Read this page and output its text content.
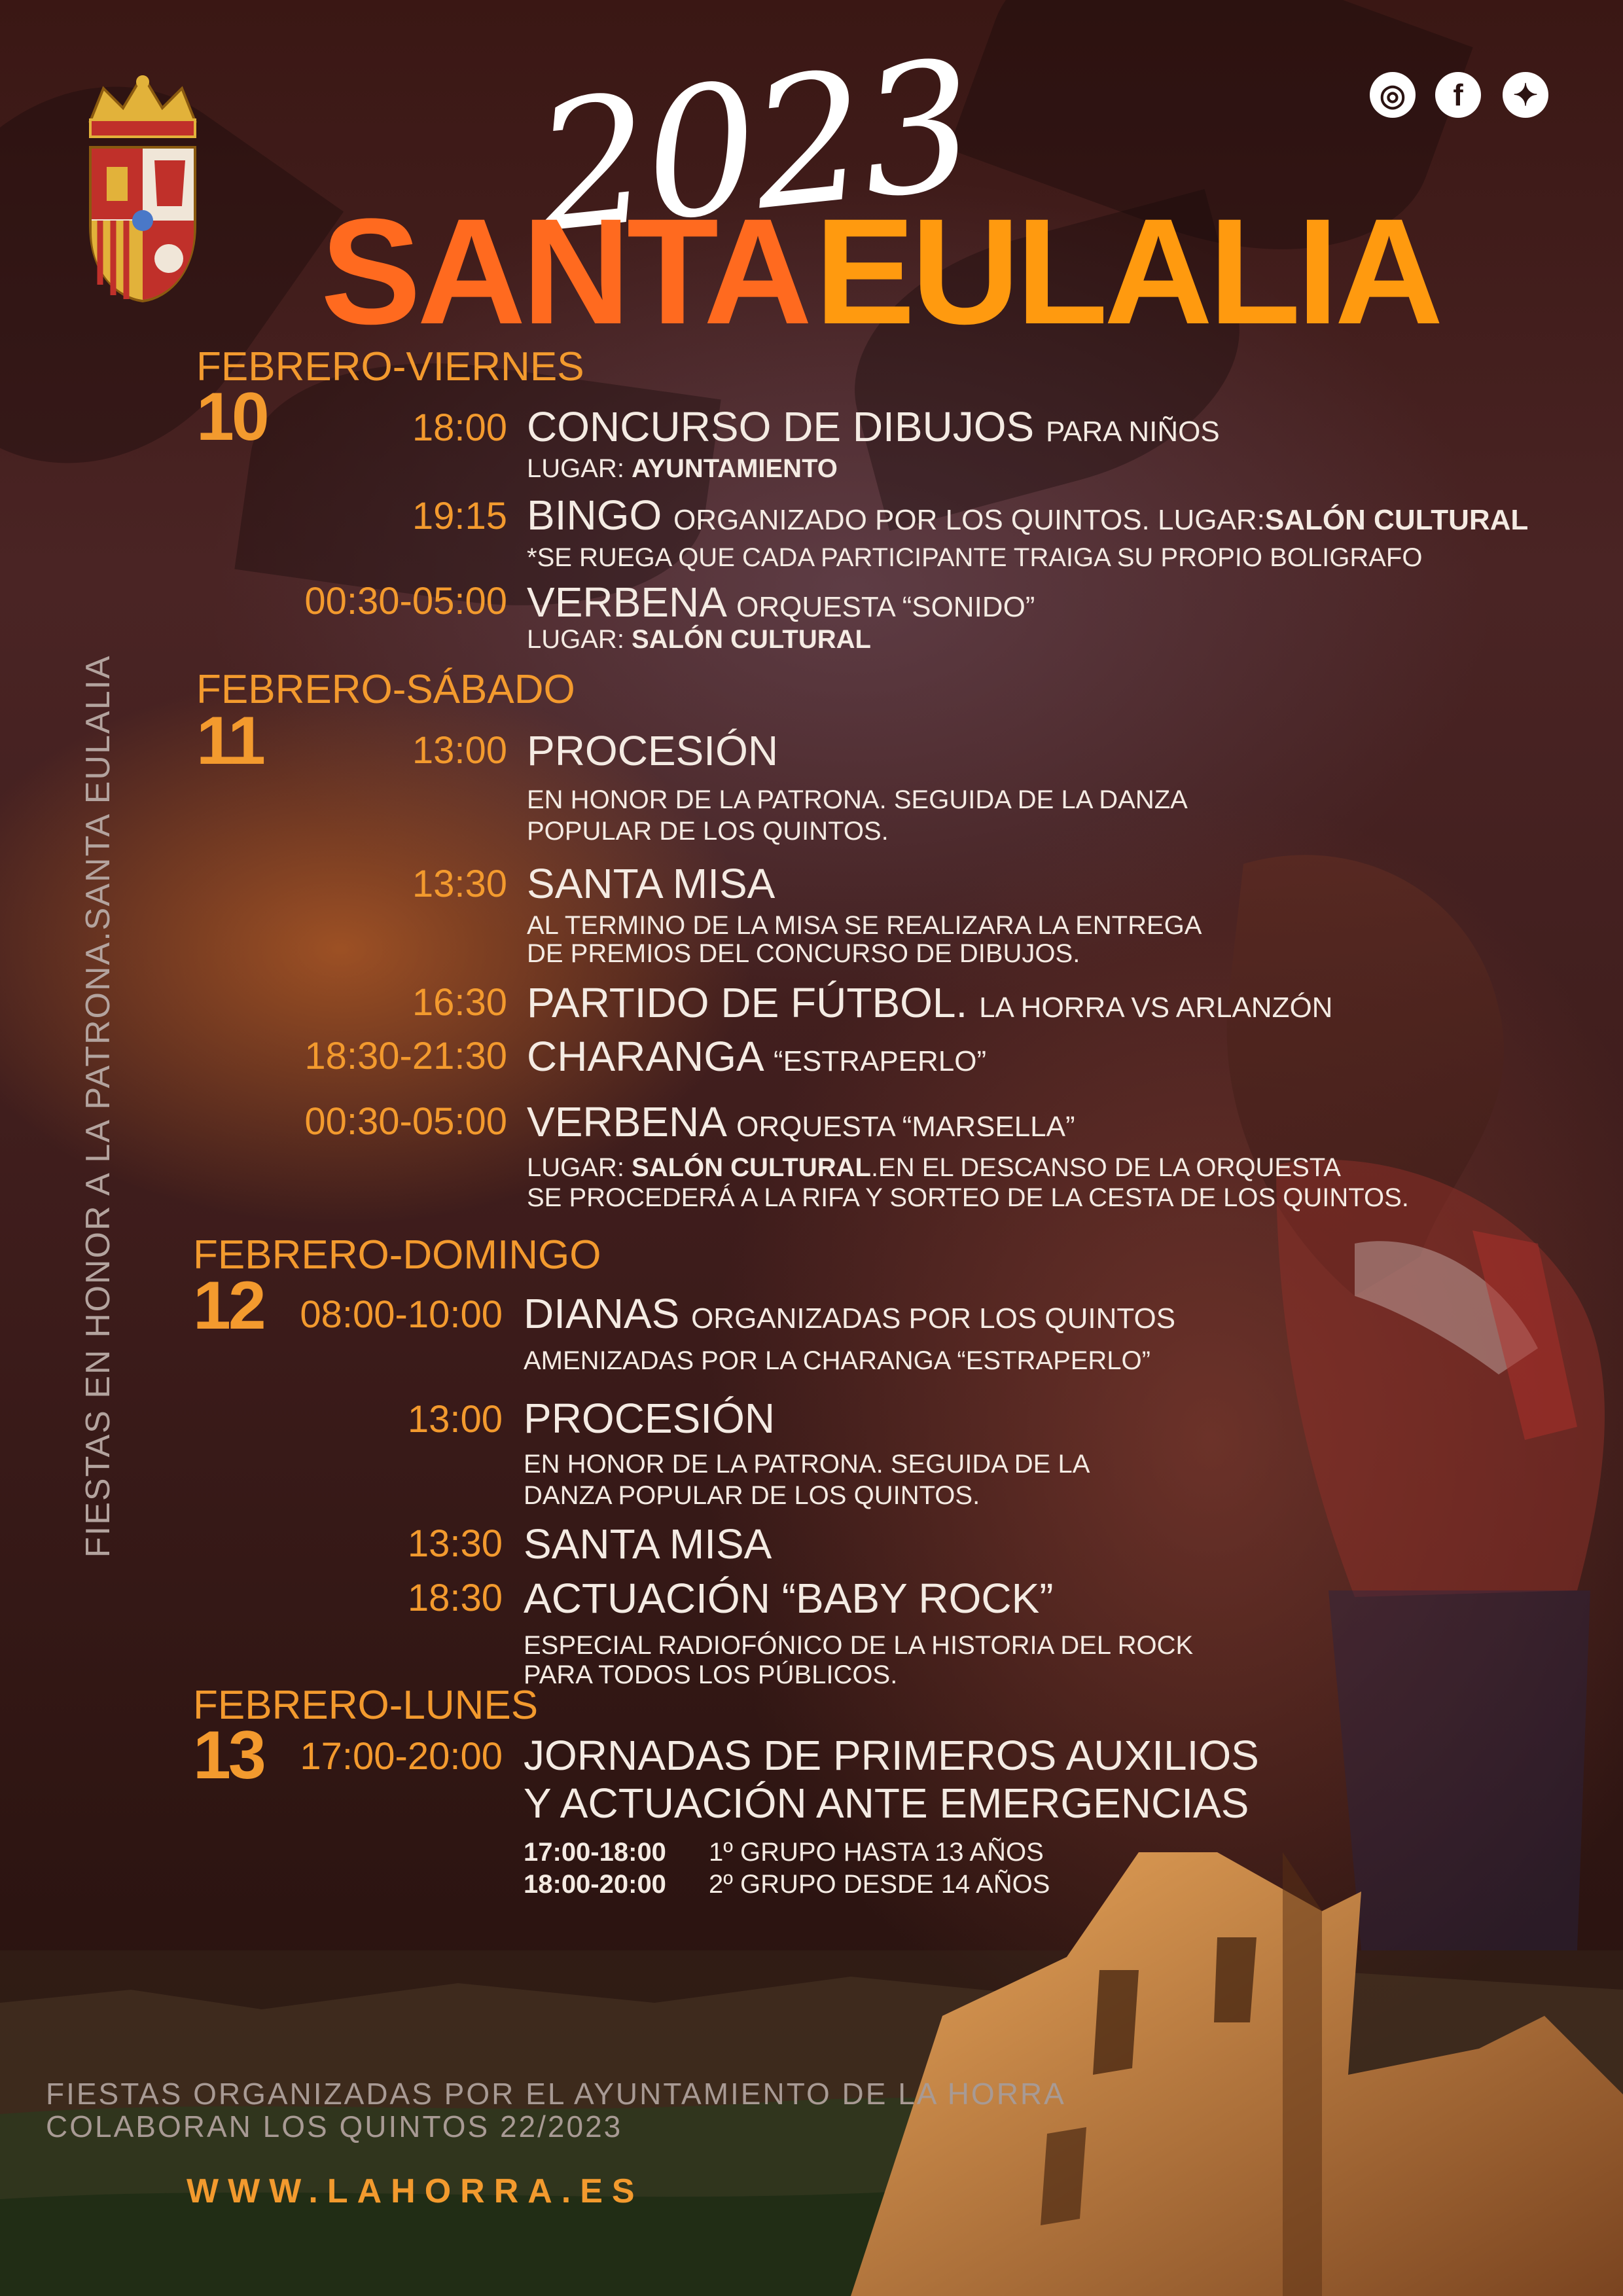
◎	f	✦
2023
SANTA EULALIA
FIESTAS EN HONOR A LA PATRONA.SANTA EULALIA
FEBRERO-VIERNES
10	18:00 CONCURSO DE DIBUJOS PARA NIÑOS
LUGAR: AYUNTAMIENTO
19:15 BINGO ORGANIZADO POR LOS QUINTOS. LUGAR:SALÓN CULTURAL
*SE RUEGA QUE CADA PARTICIPANTE TRAIGA SU PROPIO BOLIGRAFO
00:30-05:00 VERBENA ORQUESTA “SONIDO”
LUGAR: SALÓN CULTURAL
FEBRERO-SÁBADO
11	13:00 PROCESIÓN
EN HONOR DE LA PATRONA. SEGUIDA DE LA DANZA
POPULAR DE LOS QUINTOS.
13:30 SANTA MISA
AL TERMINO DE LA MISA SE REALIZARA LA ENTREGA
DE PREMIOS DEL CONCURSO DE DIBUJOS.
16:30 PARTIDO DE FÚTBOL. LA HORRA VS ARLANZÓN
18:30-21:30 CHARANGA “ESTRAPERLO”
00:30-05:00 VERBENA ORQUESTA “MARSELLA”
LUGAR: SALÓN CULTURAL.EN EL DESCANSO DE LA ORQUESTA
SE PROCEDERÁ A LA RIFA Y SORTEO DE LA CESTA DE LOS QUINTOS.
FEBRERO-DOMINGO
12 08:00-10:00 DIANAS ORGANIZADAS POR LOS QUINTOS
AMENIZADAS POR LA CHARANGA “ESTRAPERLO”
13:00 PROCESIÓN
EN HONOR DE LA PATRONA. SEGUIDA DE LA
DANZA POPULAR DE LOS QUINTOS.
13:30 SANTA MISA
18:30 ACTUACIÓN “BABY ROCK”
ESPECIAL RADIOFÓNICO DE LA HISTORIA DEL ROCK
PARA TODOS LOS PÚBLICOS.
FEBRERO-LUNES
13 17:00-20:00 JORNADAS DE PRIMEROS AUXILIOS
Y ACTUACIÓN ANTE EMERGENCIAS
17:00-18:00 1º GRUPO HASTA 13 AÑOS
18:00-20:00 2º GRUPO DESDE 14 AÑOS
FIESTAS ORGANIZADAS POR EL AYUNTAMIENTO DE LA HORRA
COLABORAN LOS QUINTOS 22/2023
WWW.LAHORRA.ES
